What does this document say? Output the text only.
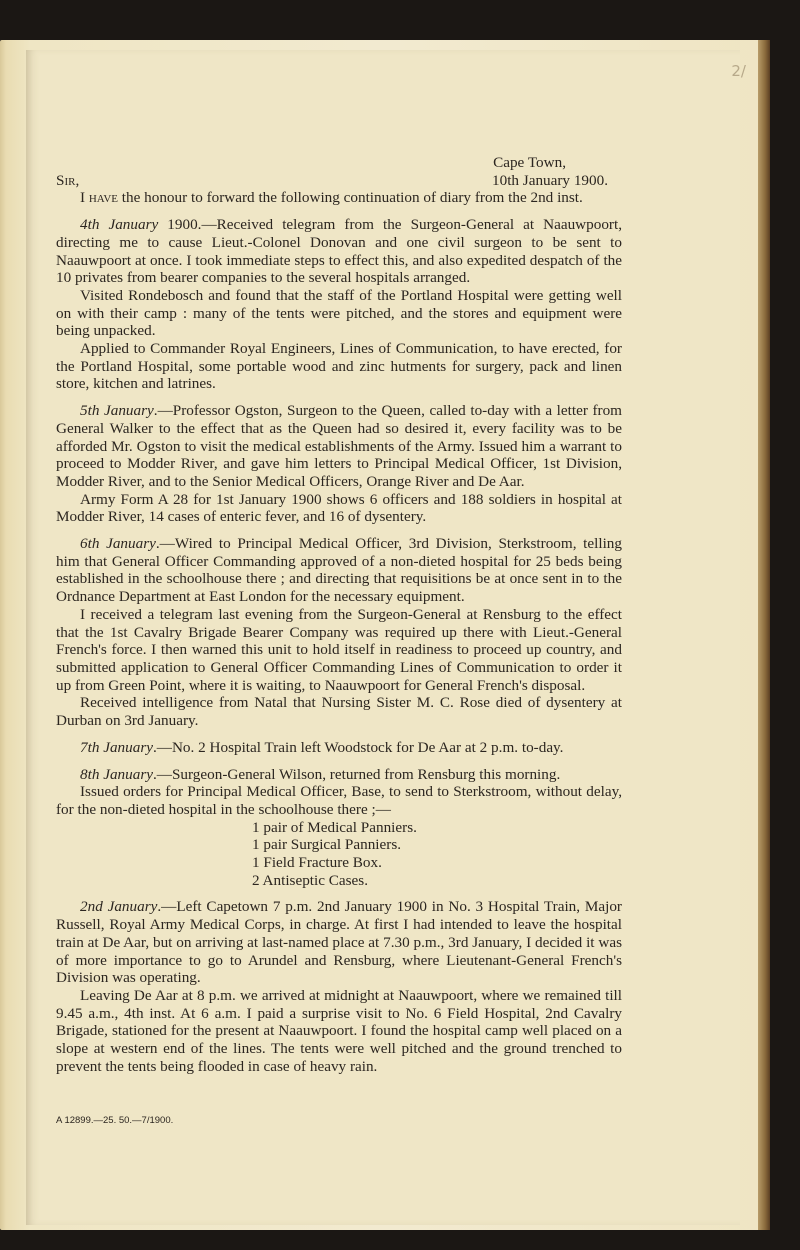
2/
Cape Town,
Sir,	10th January 1900.

I have the honour to forward the following continuation of diary from the 2nd inst.

4th January 1900.—Received telegram from the Surgeon-General at Naauwpoort, directing me to cause Lieut.-Colonel Donovan and one civil surgeon to be sent to Naauwpoort at once. I took immediate steps to effect this, and also expedited despatch of the 10 privates from bearer companies to the several hospitals arranged.

Visited Rondebosch and found that the staff of the Portland Hospital were getting well on with their camp : many of the tents were pitched, and the stores and equipment were being unpacked.

Applied to Commander Royal Engineers, Lines of Communication, to have erected, for the Portland Hospital, some portable wood and zinc hutments for surgery, pack and linen store, kitchen and latrines.

5th January.—Professor Ogston, Surgeon to the Queen, called to-day with a letter from General Walker to the effect that as the Queen had so desired it, every facility was to be afforded Mr. Ogston to visit the medical establishments of the Army. Issued him a warrant to proceed to Modder River, and gave him letters to Principal Medical Officer, 1st Division, Modder River, and to the Senior Medical Officers, Orange River and De Aar.

Army Form A 28 for 1st January 1900 shows 6 officers and 188 soldiers in hospital at Modder River, 14 cases of enteric fever, and 16 of dysentery.

6th January.—Wired to Principal Medical Officer, 3rd Division, Sterkstroom, telling him that General Officer Commanding approved of a non-dieted hospital for 25 beds being established in the schoolhouse there ; and directing that requisitions be at once sent in to the Ordnance Department at East London for the necessary equipment.

I received a telegram last evening from the Surgeon-General at Rensburg to the effect that the 1st Cavalry Brigade Bearer Company was required up there with Lieut.-General French's force. I then warned this unit to hold itself in readiness to proceed up country, and submitted application to General Officer Commanding Lines of Communication to order it up from Green Point, where it is waiting, to Naauwpoort for General French's disposal.

Received intelligence from Natal that Nursing Sister M. C. Rose died of dysentery at Durban on 3rd January.

7th January.—No. 2 Hospital Train left Woodstock for De Aar at 2 p.m. to-day.

8th January.—Surgeon-General Wilson, returned from Rensburg this morning.

Issued orders for Principal Medical Officer, Base, to send to Sterkstroom, without delay, for the non-dieted hospital in the schoolhouse there ;—

1 pair of Medical Panniers.
1 pair Surgical Panniers.
1 Field Fracture Box.
2 Antiseptic Cases.

2nd January.—Left Capetown 7 p.m. 2nd January 1900 in No. 3 Hospital Train, Major Russell, Royal Army Medical Corps, in charge. At first I had intended to leave the hospital train at De Aar, but on arriving at last-named place at 7.30 p.m., 3rd January, I decided it was of more importance to go to Arundel and Rensburg, where Lieutenant-General French's Division was operating.

Leaving De Aar at 8 p.m. we arrived at midnight at Naauwpoort, where we remained till 9.45 a.m., 4th inst. At 6 a.m. I paid a surprise visit to No. 6 Field Hospital, 2nd Cavalry Brigade, stationed for the present at Naauwpoort. I found the hospital camp well placed on a slope at western end of the lines. The tents were well pitched and the ground trenched to prevent the tents being flooded in case of heavy rain.

A 12899.—25. 50.—7/1900.
